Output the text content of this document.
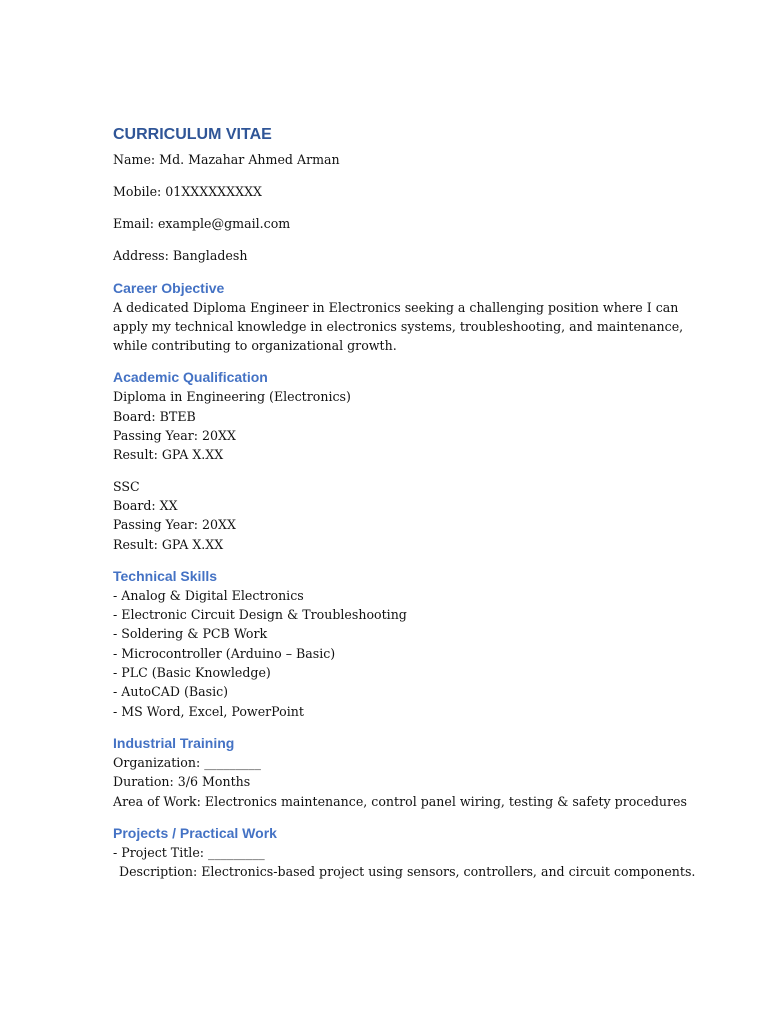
CURRICULUM VITAE

Name: Md. Mazahar Ahmed Arman

Mobile: 01XXXXXXXXX

Email: example@gmail.com

Address: Bangladesh

Career Objective

A dedicated Diploma Engineer in Electronics seeking a challenging position where I can

apply my technical knowledge in electronics systems, troubleshooting, and maintenance,

while contributing to organizational growth.

Academic Qualification

Diploma in Engineering (Electronics)

Board: BTEB

Passing Year: 20XX

Result: GPA X.XX

SSC

Board: XX

Passing Year: 20XX

Result: GPA X.XX

Technical Skills

- Analog & Digital Electronics

- Electronic Circuit Design & Troubleshooting

- Soldering & PCB Work

- Microcontroller (Arduino – Basic)

- PLC (Basic Knowledge)

- AutoCAD (Basic)

- MS Word, Excel, PowerPoint

Industrial Training

Organization: _________

Duration: 3/6 Months

Area of Work: Electronics maintenance, control panel wiring, testing & safety procedures

Projects / Practical Work

- Project Title: _________

Description: Electronics-based project using sensors, controllers, and circuit components.
